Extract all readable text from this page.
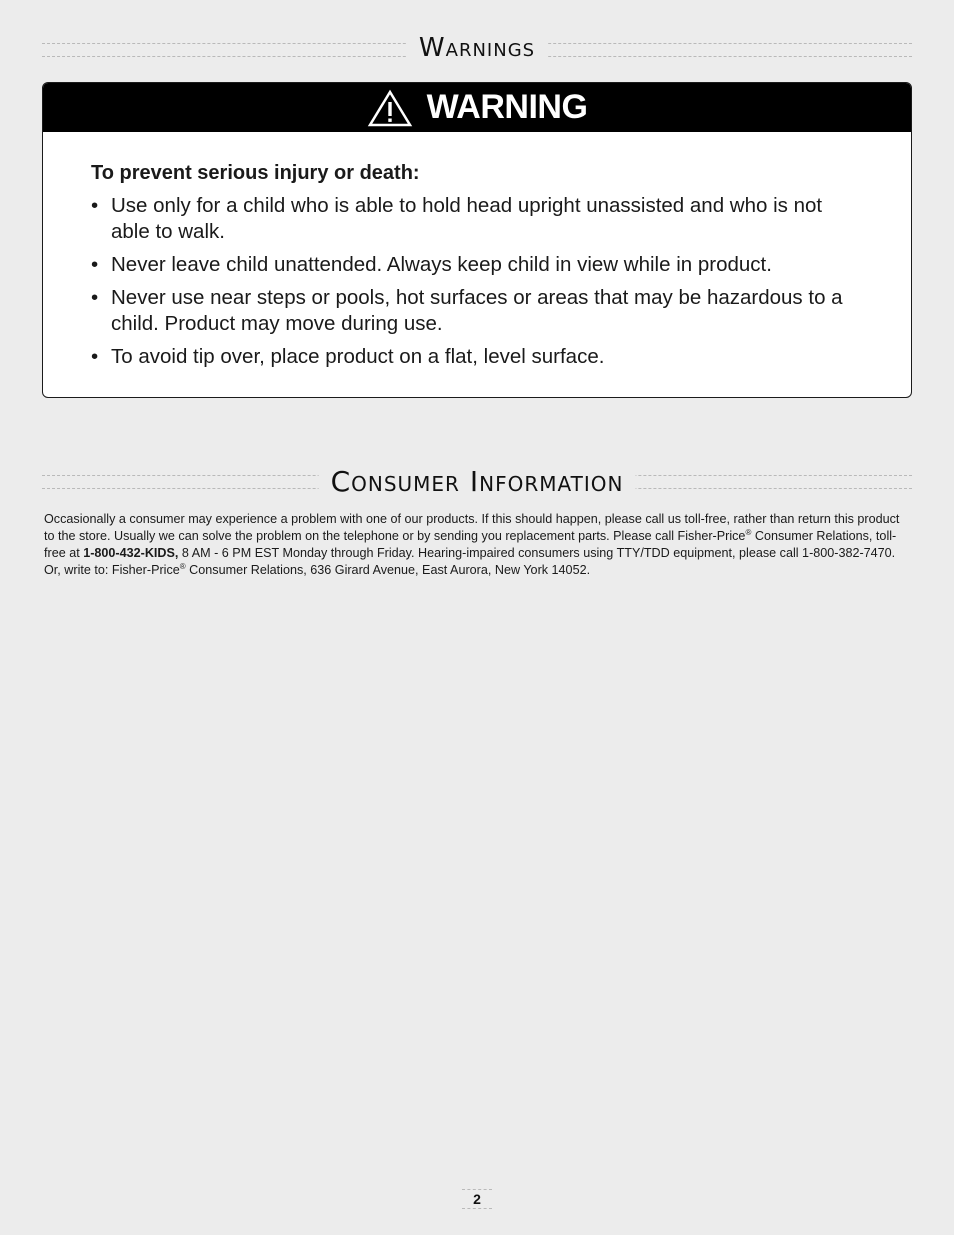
Warnings
WARNING

To prevent serious injury or death:

• Use only for a child who is able to hold head upright unassisted and who is not able to walk.
• Never leave child unattended. Always keep child in view while in product.
• Never use near steps or pools, hot surfaces or areas that may be hazardous to a child. Product may move during use.
• To avoid tip over, place product on a flat, level surface.
Consumer Information
Occasionally a consumer may experience a problem with one of our products. If this should happen, please call us toll-free, rather than return this product to the store. Usually we can solve the problem on the telephone or by sending you replacement parts. Please call Fisher-Price® Consumer Relations, toll-free at 1-800-432-KIDS, 8 AM - 6 PM EST Monday through Friday. Hearing-impaired consumers using TTY/TDD equipment, please call 1-800-382-7470. Or, write to: Fisher-Price® Consumer Relations, 636 Girard Avenue, East Aurora, New York 14052.
2
